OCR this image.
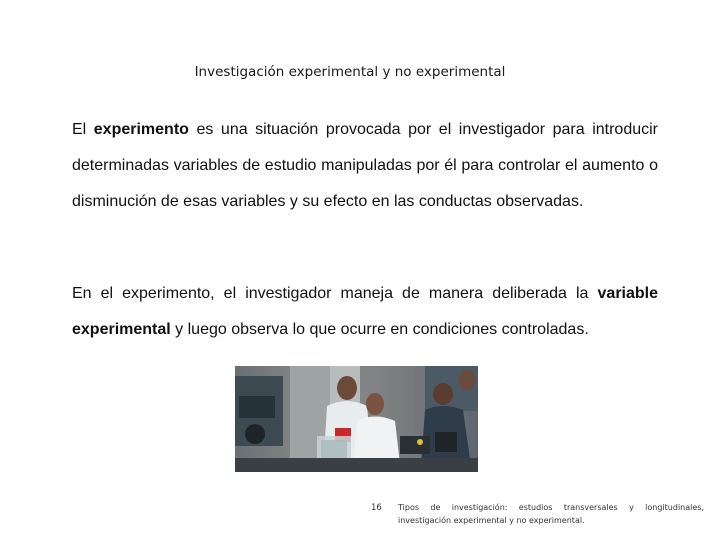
Investigación experimental y no experimental

El experimento es una situación provocada por el investigador para introducir determinadas variables de estudio manipuladas por él para controlar el aumento o disminución de esas variables y su efecto en las conductas observadas.

En el experimento, el investigador maneja de manera deliberada la variable experimental y luego observa lo que ocurre en condiciones controladas.

16 Tipos de investigación: estudios transversales y longitudinales, investigación experimental y no experimental.
